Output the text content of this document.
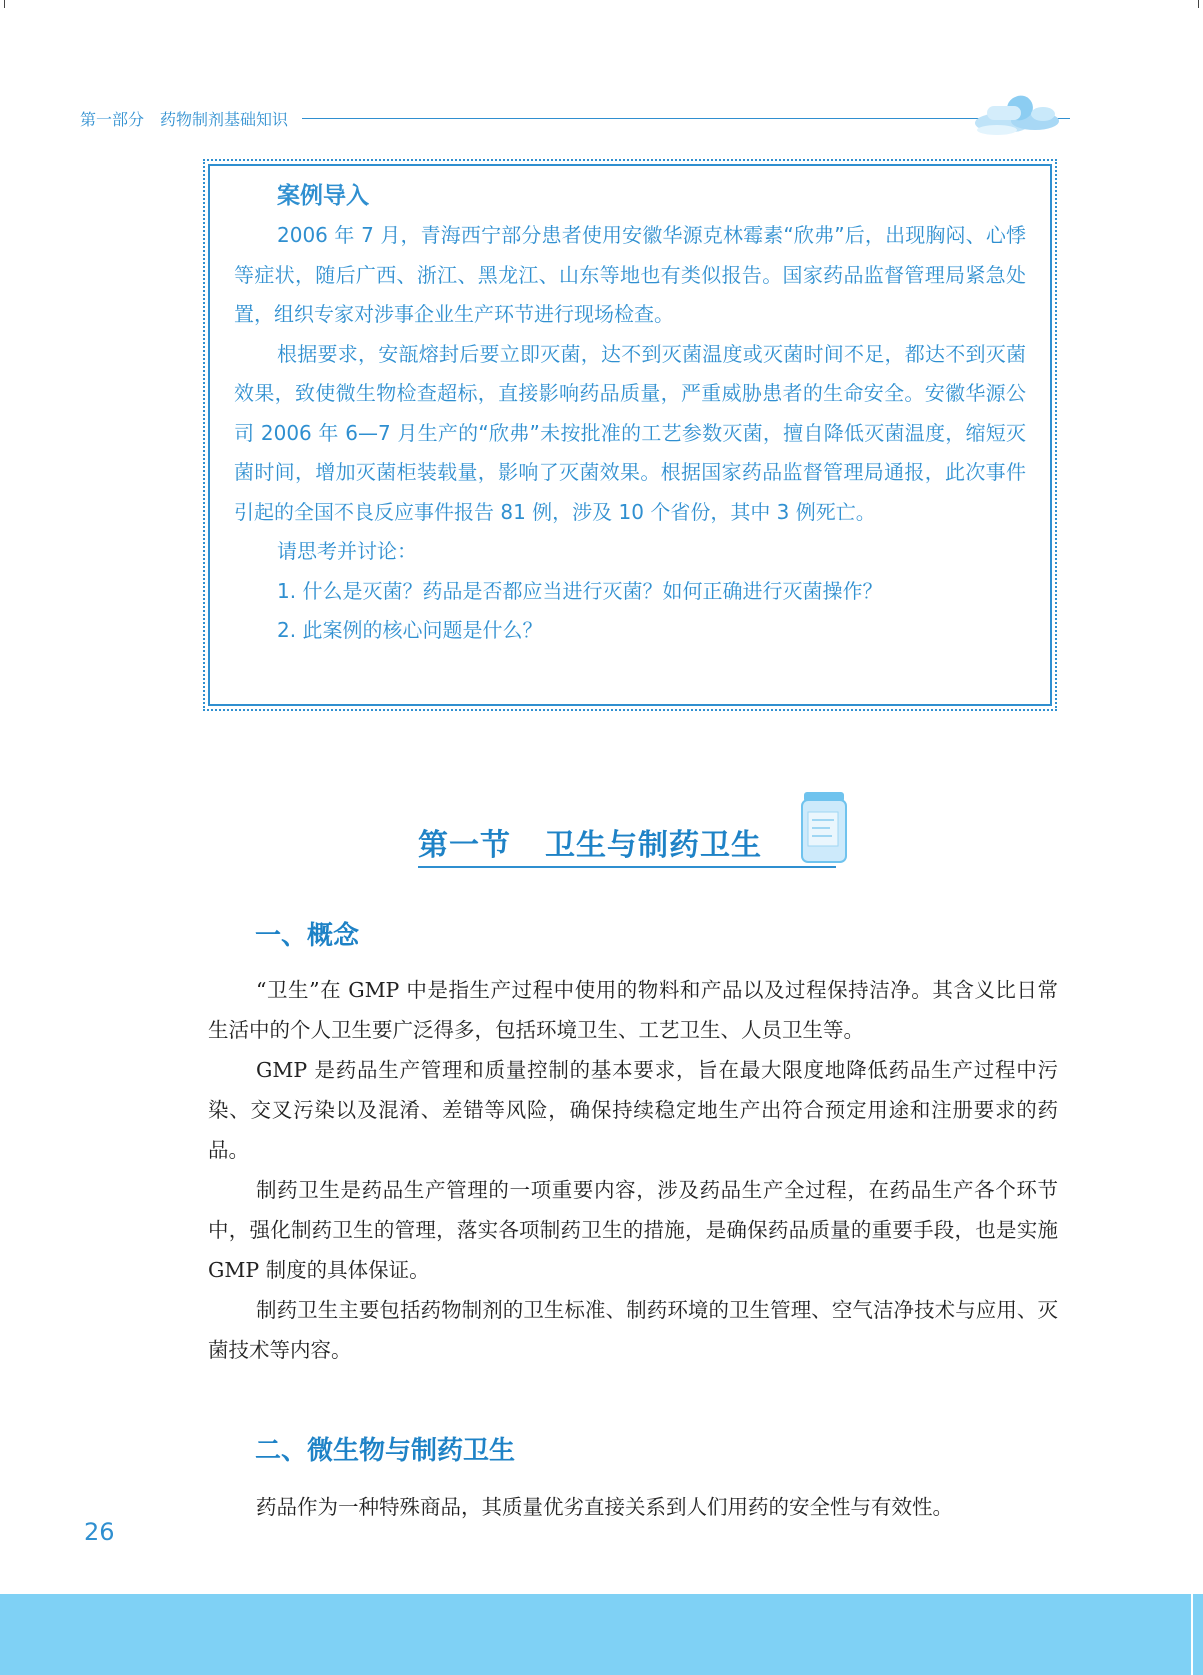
第一部分 药物制剂基础知识
案例导入

2006 年 7 月，青海西宁部分患者使用安徽华源克林霉素“欣弗”后，出现胸闷、心悸等症状，随后广西、浙江、黑龙江、山东等地也有类似报告。国家药品监督管理局紧急处置，组织专家对涉事企业生产环节进行现场检查。

根据要求，安瓿熔封后要立即灭菌，达不到灭菌温度或灭菌时间不足，都达不到灭菌效果，致使微生物检查超标，直接影响药品质量，严重威胁患者的生命安全。安徽华源公司 2006 年 6—7 月生产的“欣弗”未按批准的工艺参数灭菌，擅自降低灭菌温度，缩短灭菌时间，增加灭菌柜装载量，影响了灭菌效果。根据国家药品监督管理局通报，此次事件引起的全国不良反应事件报告 81 例，涉及 10 个省份，其中 3 例死亡。

请思考并讨论：

1. 什么是灭菌？药品是否都应当进行灭菌？如何正确进行灭菌操作？

2. 此案例的核心问题是什么？

第一节 卫生与制药卫生
一、概念

“卫生”在 GMP 中是指生产过程中使用的物料和产品以及过程保持洁净。其含义比日常生活中的个人卫生要广泛得多，包括环境卫生、工艺卫生、人员卫生等。

GMP 是药品生产管理和质量控制的基本要求，旨在最大限度地降低药品生产过程中污染、交叉污染以及混淆、差错等风险，确保持续稳定地生产出符合预定用途和注册要求的药品。

制药卫生是药品生产管理的一项重要内容，涉及药品生产全过程，在药品生产各个环节中，强化制药卫生的管理，落实各项制药卫生的措施，是确保药品质量的重要手段，也是实施 GMP 制度的具体保证。

制药卫生主要包括药物制剂的卫生标准、制药环境的卫生管理、空气洁净技术与应用、灭菌技术等内容。

二、微生物与制药卫生

药品作为一种特殊商品，其质量优劣直接关系到人们用药的安全性与有效性。

26
